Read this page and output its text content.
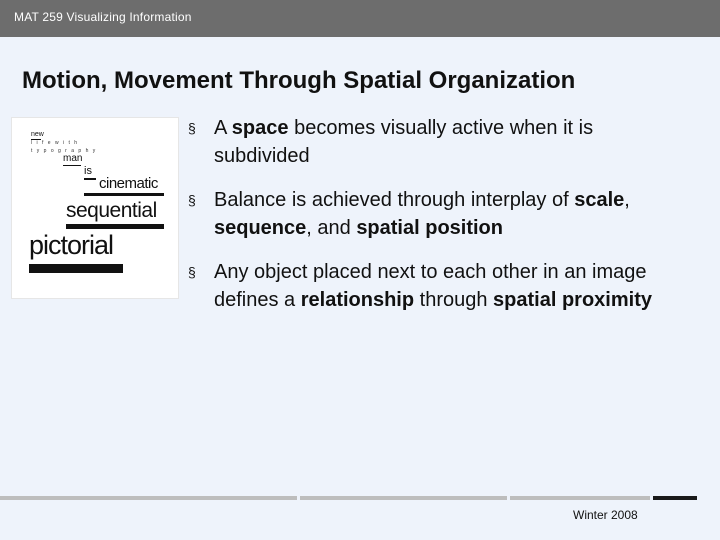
MAT 259 Visualizing Information
Motion, Movement Through Spatial Organization
new
l i f e w i t h
t y p o g r a p h y
man
is
cinematic
sequential
pictorial
§ A space becomes visually active when it is subdivided
§ Balance is achieved through interplay of scale, sequence, and spatial position
§ Any object placed next to each other in an image defines a relationship through spatial proximity
Winter 2008
